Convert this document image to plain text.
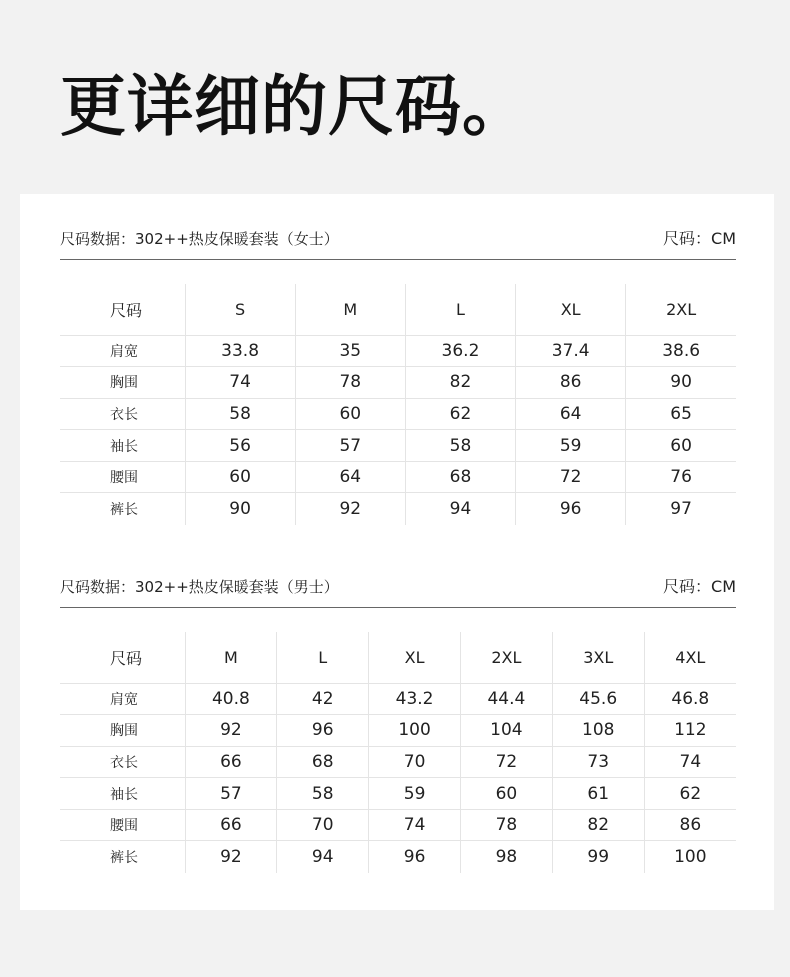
更详细的尺码。
尺码数据：302++热皮保暖套装（女士）	尺码：CM
尺码	S	M	L	XL	2XL
肩宽	33.8	35	36.2	37.4	38.6
胸围	74	78	82	86	90
衣长	58	60	62	64	65
袖长	56	57	58	59	60
腰围	60	64	68	72	76
裤长	90	92	94	96	97
尺码数据：302++热皮保暖套装（男士）	尺码：CM
尺码	M	L	XL	2XL	3XL	4XL
肩宽	40.8	42	43.2	44.4	45.6	46.8
胸围	92	96	100	104	108	112
衣长	66	68	70	72	73	74
袖长	57	58	59	60	61	62
腰围	66	70	74	78	82	86
裤长	92	94	96	98	99	100
